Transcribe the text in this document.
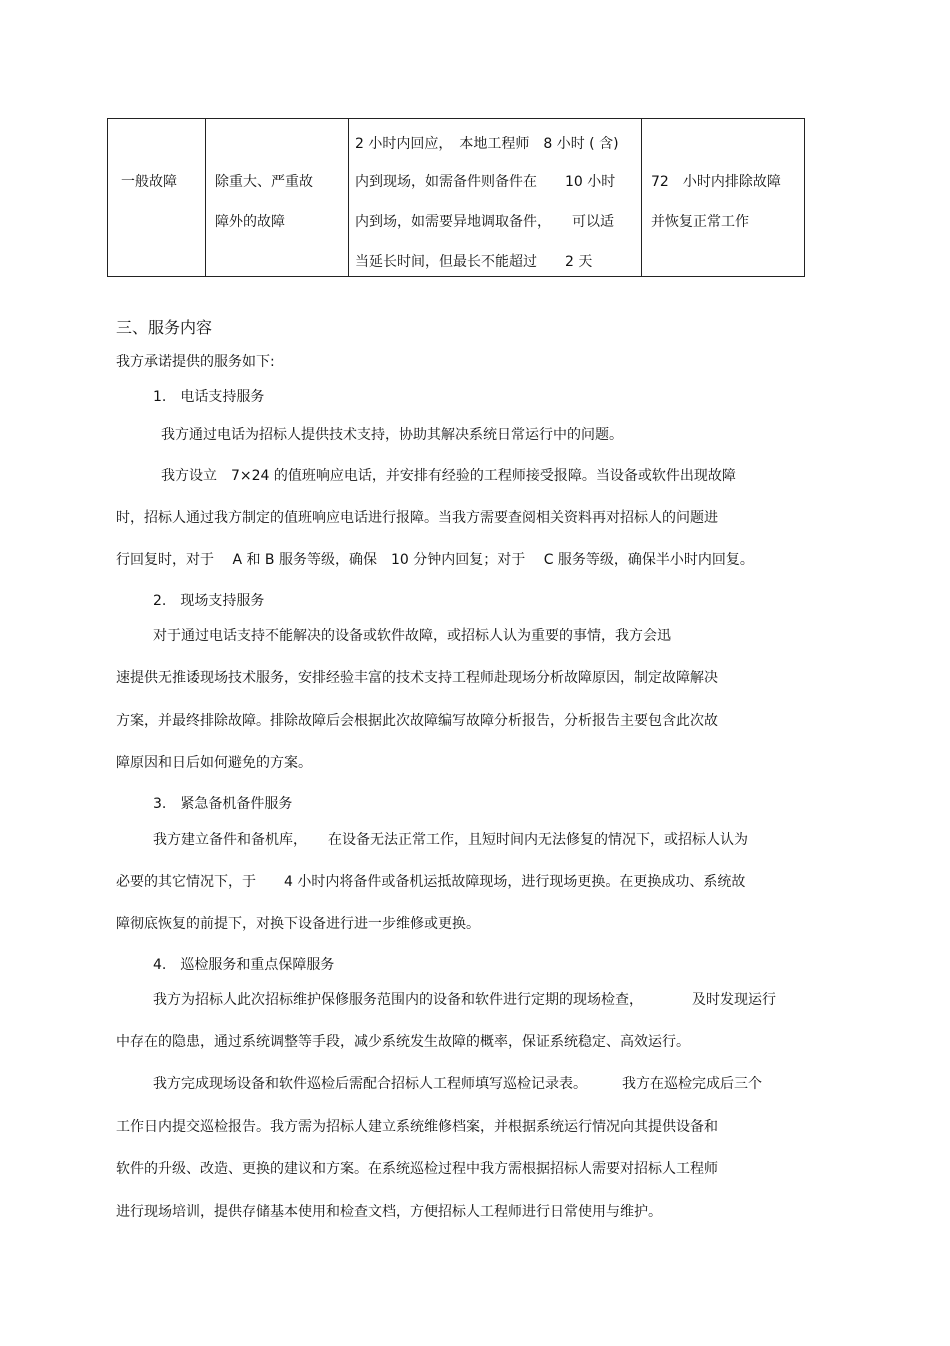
一般故障	除重大、严重故
障外的故障
2 小时内回应，　本地工程师　8 小时 ( 含)
内到现场，如需备件则备件在　　10 小时
内到场，如需要异地调取备件，　　可以适
当延长时间，但最长不能超过　　2 天
72　小时内排除故障
并恢复正常工作
三、服务内容
我方承诺提供的服务如下:
1.　电话支持服务
我方通过电话为招标人提供技术支持，协助其解决系统日常运行中的问题。
我方设立　7×24 的值班响应电话，并安排有经验的工程师接受报障。当设备或软件出现故障
时，招标人通过我方制定的值班响应电话进行报障。当我方需要查阅相关资料再对招标人的问题进
行回复时，对于　 A 和 B 服务等级，确保　10 分钟内回复；对于　 C 服务等级，确保半小时内回复。
2.　现场支持服务
对于通过电话支持不能解决的设备或软件故障，或招标人认为重要的事情，我方会迅
速提供无推诿现场技术服务，安排经验丰富的技术支持工程师赴现场分析故障原因，制定故障解决
方案，并最终排除故障。排除故障后会根据此次故障编写故障分析报告，分析报告主要包含此次故
障原因和日后如何避免的方案。
3.　紧急备机备件服务
我方建立备件和备机库，　　在设备无法正常工作，且短时间内无法修复的情况下，或招标人认为
必要的其它情况下，于　　4 小时内将备件或备机运抵故障现场，进行现场更换。在更换成功、系统故
障彻底恢复的前提下，对换下设备进行进一步维修或更换。
4.　巡检服务和重点保障服务
我方为招标人此次招标维护保修服务范围内的设备和软件进行定期的现场检查，　　　　及时发现运行
中存在的隐患，通过系统调整等手段，减少系统发生故障的概率，保证系统稳定、高效运行。
我方完成现场设备和软件巡检后需配合招标人工程师填写巡检记录表。　　　我方在巡检完成后三个
工作日内提交巡检报告。我方需为招标人建立系统维修档案，并根据系统运行情况向其提供设备和
软件的升级、改造、更换的建议和方案。在系统巡检过程中我方需根据招标人需要对招标人工程师
进行现场培训，提供存储基本使用和检查文档，方便招标人工程师进行日常使用与维护。
